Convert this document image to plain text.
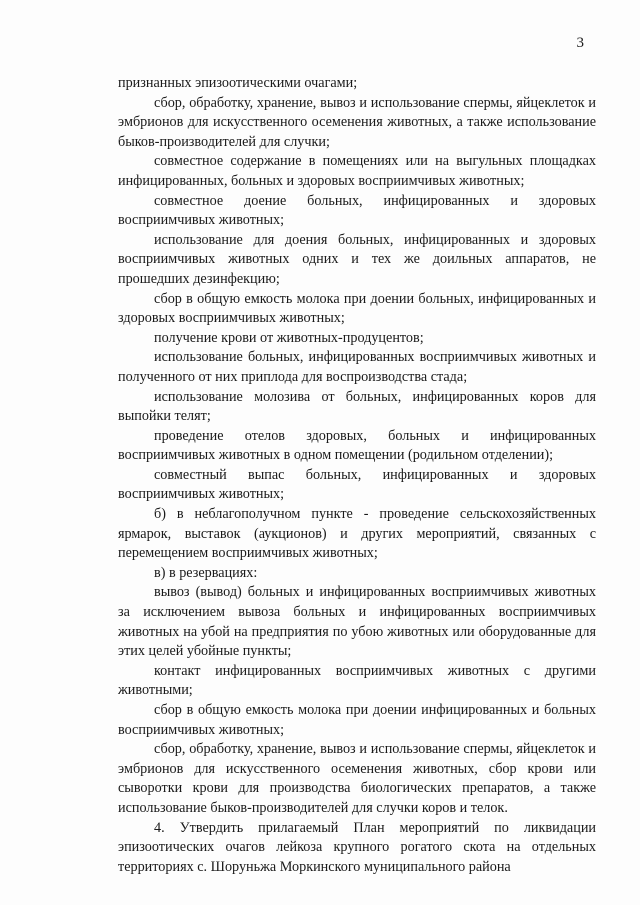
3

признанных эпизоотическими очагами;

сбор, обработку, хранение, вывоз и использование спермы, яйцеклеток и эмбрионов для искусственного осеменения животных, а также использование быков-производителей для случки;

совместное содержание в помещениях или на выгульных площадках инфицированных, больных и здоровых восприимчивых животных;

совместное доение больных, инфицированных и здоровых восприимчивых животных;

использование для доения больных, инфицированных и здоровых восприимчивых животных одних и тех же доильных аппаратов, не прошедших дезинфекцию;

сбор в общую емкость молока при доении больных, инфицированных и здоровых восприимчивых животных;

получение крови от животных-продуцентов;

использование больных, инфицированных восприимчивых животных и полученного от них приплода для воспроизводства стада;

использование молозива от больных, инфицированных коров для выпойки телят;

проведение отелов здоровых, больных и инфицированных восприимчивых животных в одном помещении (родильном отделении);

совместный выпас больных, инфицированных и здоровых восприимчивых животных;

б) в неблагополучном пункте - проведение сельскохозяйственных ярмарок, выставок (аукционов) и других мероприятий, связанных с перемещением восприимчивых животных;

в) в резервациях:

вывоз (вывод) больных и инфицированных восприимчивых животных за исключением вывоза больных и инфицированных восприимчивых животных на убой на предприятия по убою животных или оборудованные для этих целей убойные пункты;

контакт инфицированных восприимчивых животных с другими животными;

сбор в общую емкость молока при доении инфицированных и больных восприимчивых животных;

сбор, обработку, хранение, вывоз и использование спермы, яйцеклеток и эмбрионов для искусственного осеменения животных, сбор крови или сыворотки крови для производства биологических препаратов, а также использование быков-производителей для случки коров и телок.

4. Утвердить прилагаемый План мероприятий по ликвидации эпизоотических очагов лейкоза крупного рогатого скота на отдельных территориях с. Шоруньжа Моркинского муниципального района
